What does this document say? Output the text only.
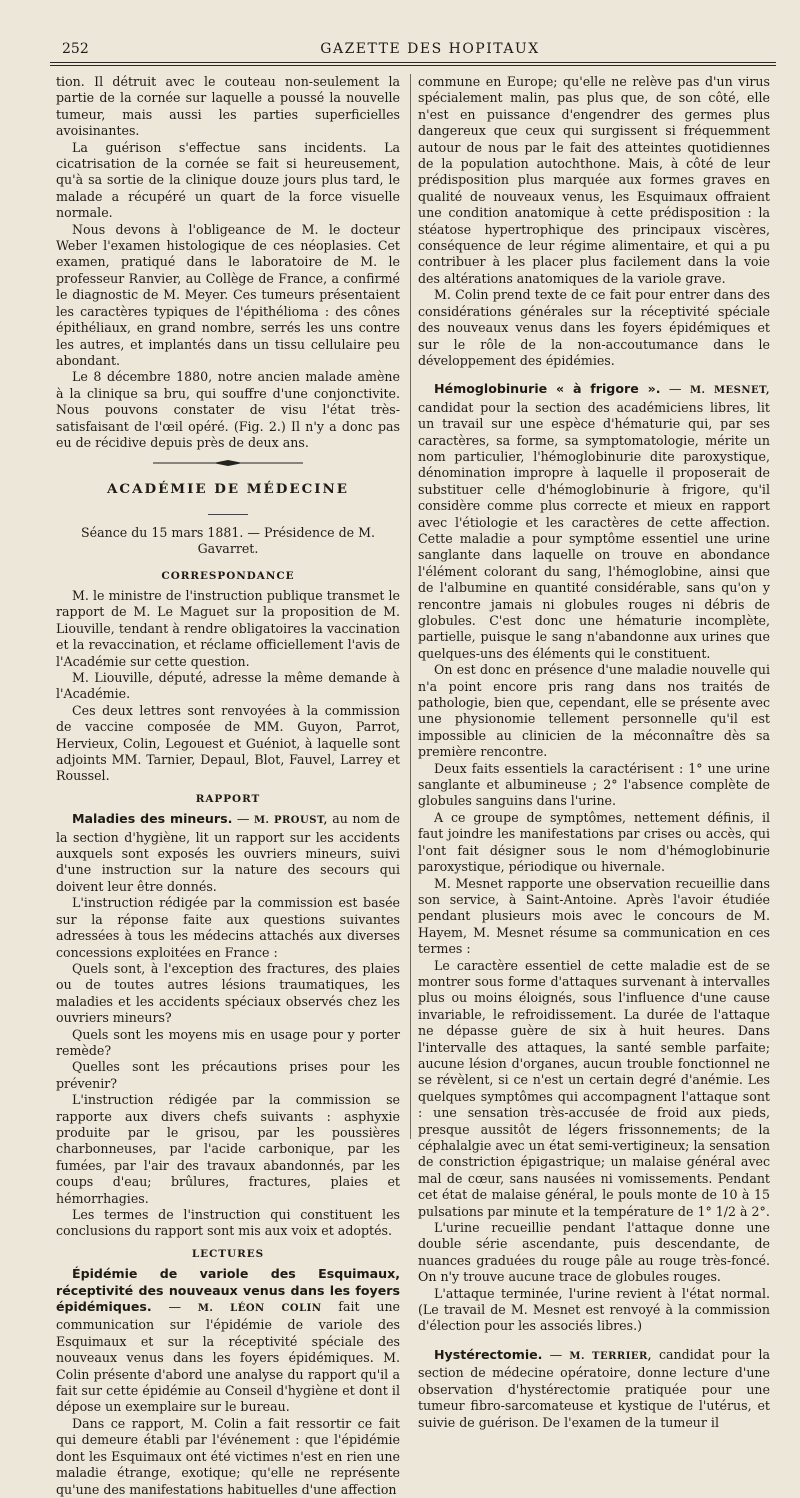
252	GAZETTE DES HOPITAUX

tion. Il détruit avec le couteau non-seulement la partie de la cornée sur laquelle a poussé la nouvelle tumeur, mais aussi les parties superficielles avoisinantes.

La guérison s'effectue sans incidents. La cicatrisation de la cornée se fait si heureusement, qu'à sa sortie de la clinique douze jours plus tard, le malade a récupéré un quart de la force visuelle normale.

Nous devons à l'obligeance de M. le docteur Weber l'examen histologique de ces néoplasies. Cet examen, pratiqué dans le laboratoire de M. le professeur Ranvier, au Collège de France, a confirmé le diagnostic de M. Meyer. Ces tumeurs présentaient les caractères typiques de l'épithélioma : des cônes épithéliaux, en grand nombre, serrés les uns contre les autres, et implantés dans un tissu cellulaire peu abondant.

Le 8 décembre 1880, notre ancien malade amène à la clinique sa bru, qui souffre d'une conjonctivite. Nous pouvons constater de visu l'état très-satisfaisant de l'œil opéré. (Fig. 2.) Il n'y a donc pas eu de récidive depuis près de deux ans.

ACADÉMIE DE MÉDECINE
Séance du 15 mars 1881. — Présidence de M. Gavarret.
CORRESPONDANCE

M. le ministre de l'instruction publique transmet le rapport de M. Le Maguet sur la proposition de M. Liouville, tendant à rendre obligatoires la vaccination et la revaccination, et réclame officiellement l'avis de l'Académie sur cette question.

M. Liouville, député, adresse la même demande à l'Académie.

Ces deux lettres sont renvoyées à la commission de vaccine composée de MM. Guyon, Parrot, Hervieux, Colin, Legouest et Guéniot, à laquelle sont adjoints MM. Tarnier, Depaul, Blot, Fauvel, Larrey et Roussel.

RAPPORT

Maladies des mineurs. — M. PROUST, au nom de la section d'hygiène, lit un rapport sur les accidents auxquels sont exposés les ouvriers mineurs, suivi d'une instruction sur la nature des secours qui doivent leur être donnés.

L'instruction rédigée par la commission est basée sur la réponse faite aux questions suivantes adressées à tous les médecins attachés aux diverses concessions exploitées en France :

Quels sont, à l'exception des fractures, des plaies ou de toutes autres lésions traumatiques, les maladies et les accidents spéciaux observés chez les ouvriers mineurs?

Quels sont les moyens mis en usage pour y porter remède?

Quelles sont les précautions prises pour les prévenir?

L'instruction rédigée par la commission se rapporte aux divers chefs suivants : asphyxie produite par le grisou, par les poussières charbonneuses, par l'acide carbonique, par les fumées, par l'air des travaux abandonnés, par les coups d'eau; brûlures, fractures, plaies et hémorrhagies.

Les termes de l'instruction qui constituent les conclusions du rapport sont mis aux voix et adoptés.

LECTURES

Épidémie de variole des Esquimaux, réceptivité des nouveaux venus dans les foyers épidémiques. — M. LÉON COLIN fait une communication sur l'épidémie de variole des Esquimaux et sur la réceptivité spéciale des nouveaux venus dans les foyers épidémiques. M. Colin présente d'abord une analyse du rapport qu'il a fait sur cette épidémie au Conseil d'hygiène et dont il dépose un exemplaire sur le bureau.

Dans ce rapport, M. Colin a fait ressortir ce fait qui demeure établi par l'événement : que l'épidémie dont les Esquimaux ont été victimes n'est en rien une maladie étrange, exotique; qu'elle ne représente qu'une des manifestations habituelles d'une affection

commune en Europe; qu'elle ne relève pas d'un virus spécialement malin, pas plus que, de son côté, elle n'est en puissance d'engendrer des germes plus dangereux que ceux qui surgissent si fréquemment autour de nous par le fait des atteintes quotidiennes de la population autochthone. Mais, à côté de leur prédisposition plus marquée aux formes graves en qualité de nouveaux venus, les Esquimaux offraient une condition anatomique à cette prédisposition : la stéatose hypertrophique des principaux viscères, conséquence de leur régime alimentaire, et qui a pu contribuer à les placer plus facilement dans la voie des altérations anatomiques de la variole grave.

M. Colin prend texte de ce fait pour entrer dans des considérations générales sur la réceptivité spéciale des nouveaux venus dans les foyers épidémiques et sur le rôle de la non-accoutumance dans le développement des épidémies.

Hémoglobinurie « à frigore ». — M. MESNET, candidat pour la section des académiciens libres, lit un travail sur une espèce d'hématurie qui, par ses caractères, sa forme, sa symptomatologie, mérite un nom particulier, l'hémoglobinurie dite paroxystique, dénomination impropre à laquelle il proposerait de substituer celle d'hémoglobinurie à frigore, qu'il considère comme plus correcte et mieux en rapport avec l'étiologie et les caractères de cette affection. Cette maladie a pour symptôme essentiel une urine sanglante dans laquelle on trouve en abondance l'élément colorant du sang, l'hémoglobine, ainsi que de l'albumine en quantité considérable, sans qu'on y rencontre jamais ni globules rouges ni débris de globules. C'est donc une hématurie incomplète, partielle, puisque le sang n'abandonne aux urines que quelques-uns des éléments qui le constituent.

On est donc en présence d'une maladie nouvelle qui n'a point encore pris rang dans nos traités de pathologie, bien que, cependant, elle se présente avec une physionomie tellement personnelle qu'il est impossible au clinicien de la méconnaître dès sa première rencontre.

Deux faits essentiels la caractérisent : 1° une urine sanglante et albumineuse ; 2° l'absence complète de globules sanguins dans l'urine.

A ce groupe de symptômes, nettement définis, il faut joindre les manifestations par crises ou accès, qui l'ont fait désigner sous le nom d'hémoglobinurie paroxystique, périodique ou hivernale.

M. Mesnet rapporte une observation recueillie dans son service, à Saint-Antoine. Après l'avoir étudiée pendant plusieurs mois avec le concours de M. Hayem, M. Mesnet résume sa communication en ces termes :

Le caractère essentiel de cette maladie est de se montrer sous forme d'attaques survenant à intervalles plus ou moins éloignés, sous l'influence d'une cause invariable, le refroidissement. La durée de l'attaque ne dépasse guère de six à huit heures. Dans l'intervalle des attaques, la santé semble parfaite; aucune lésion d'organes, aucun trouble fonctionnel ne se révèlent, si ce n'est un certain degré d'anémie. Les quelques symptômes qui accompagnent l'attaque sont : une sensation très-accusée de froid aux pieds, presque aussitôt de légers frissonnements; de la céphalalgie avec un état semi-vertigineux; la sensation de constriction épigastrique; un malaise général avec mal de cœur, sans nausées ni vomissements. Pendant cet état de malaise général, le pouls monte de 10 à 15 pulsations par minute et la température de 1° 1/2 à 2°.

L'urine recueillie pendant l'attaque donne une double série ascendante, puis descendante, de nuances graduées du rouge pâle au rouge très-foncé. On n'y trouve aucune trace de globules rouges.

L'attaque terminée, l'urine revient à l'état normal. (Le travail de M. Mesnet est renvoyé à la commission d'élection pour les associés libres.)

Hystérectomie. — M. TERRIER, candidat pour la section de médecine opératoire, donne lecture d'une observation d'hystérectomie pratiquée pour une tumeur fibro-sarcomateuse et kystique de l'utérus, et suivie de guérison. De l'examen de la tumeur il
